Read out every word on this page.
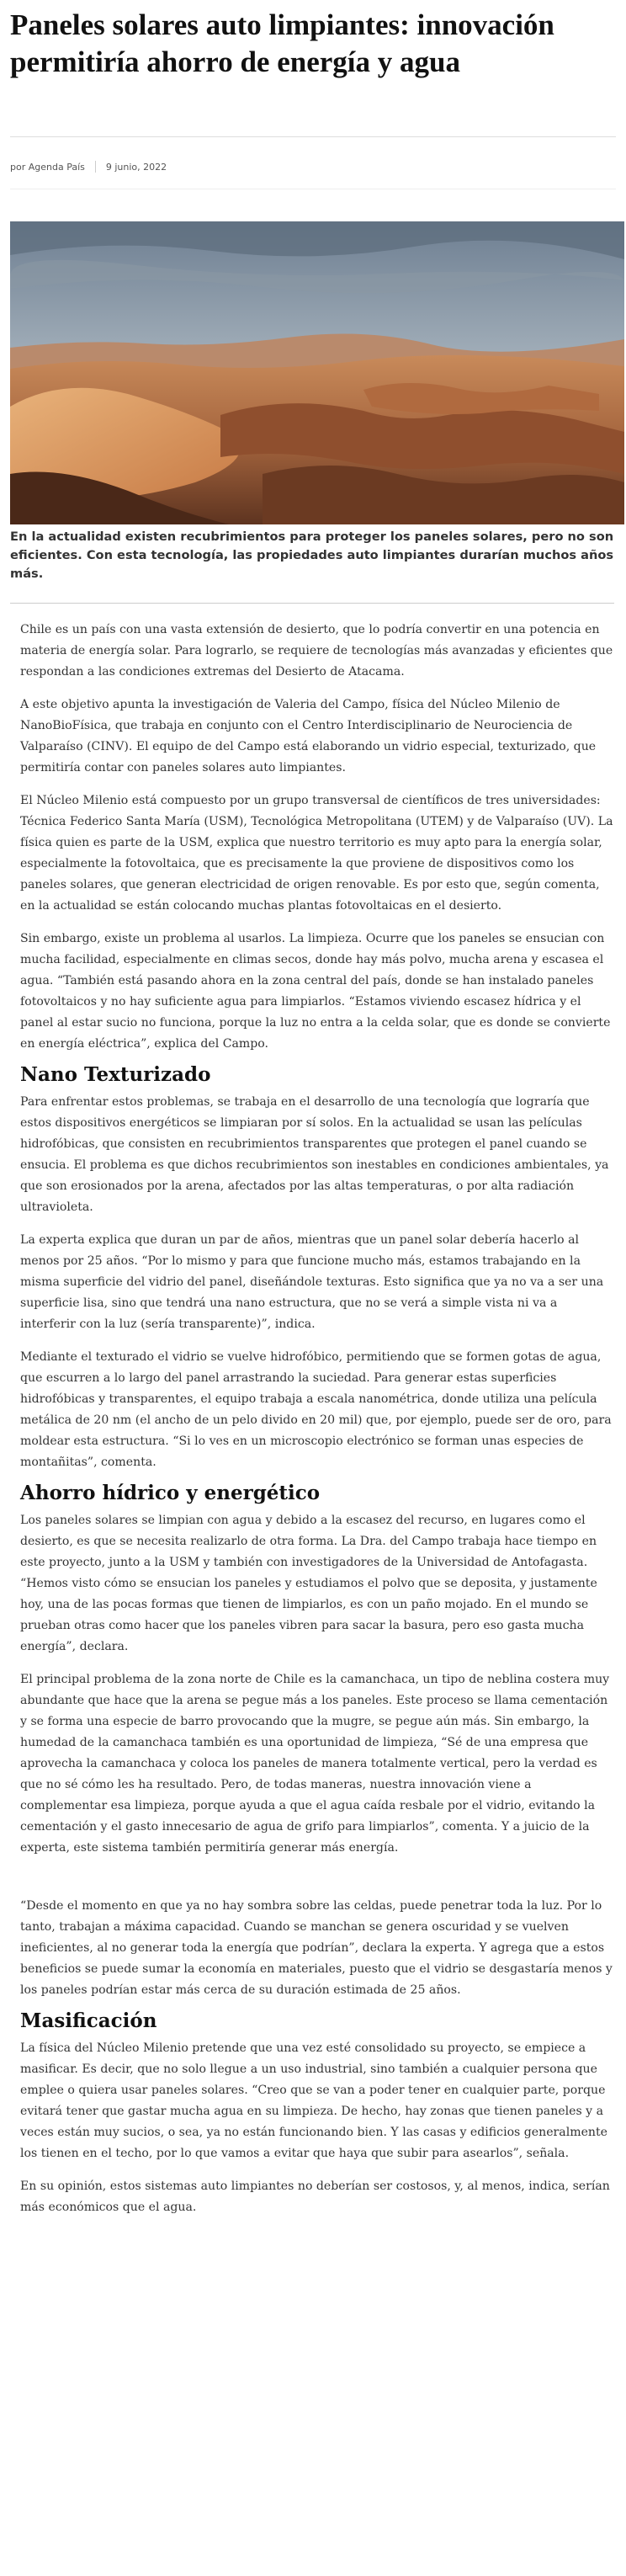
Paneles solares auto limpiantes: innovación permitiría ahorro de energía y agua
por Agenda País 9 junio, 2022
En la actualidad existen recubrimientos para proteger los paneles solares, pero no son eficientes. Con esta tecnología, las propiedades auto limpiantes durarían muchos años más.

Chile es un país con una vasta extensión de desierto, que lo podría convertir en una potencia en materia de energía solar. Para lograrlo, se requiere de tecnologías más avanzadas y eficientes que respondan a las condiciones extremas del Desierto de Atacama.

A este objetivo apunta la investigación de Valeria del Campo, física del Núcleo Milenio de NanoBioFísica, que trabaja en conjunto con el Centro Interdisciplinario de Neurociencia de Valparaíso (CINV). El equipo de del Campo está elaborando un vidrio especial, texturizado, que permitiría contar con paneles solares auto limpiantes.

El Núcleo Milenio está compuesto por un grupo transversal de científicos de tres universidades: Técnica Federico Santa María (USM), Tecnológica Metropolitana (UTEM) y de Valparaíso (UV). La física quien es parte de la USM, explica que nuestro territorio es muy apto para la energía solar, especialmente la fotovoltaica, que es precisamente la que proviene de dispositivos como los paneles solares, que generan electricidad de origen renovable. Es por esto que, según comenta, en la actualidad se están colocando muchas plantas fotovoltaicas en el desierto.

Sin embargo, existe un problema al usarlos. La limpieza. Ocurre que los paneles se ensucian con mucha facilidad, especialmente en climas secos, donde hay más polvo, mucha arena y escasea el agua. “También está pasando ahora en la zona central del país, donde se han instalado paneles fotovoltaicos y no hay suficiente agua para limpiarlos. “Estamos viviendo escasez hídrica y el panel al estar sucio no funciona, porque la luz no entra a la celda solar, que es donde se convierte en energía eléctrica”, explica del Campo.

Nano Texturizado

Para enfrentar estos problemas, se trabaja en el desarrollo de una tecnología que lograría que estos dispositivos energéticos se limpiaran por sí solos. En la actualidad se usan las películas hidrofóbicas, que consisten en recubrimientos transparentes que protegen el panel cuando se ensucia. El problema es que dichos recubrimientos son inestables en condiciones ambientales, ya que son erosionados por la arena, afectados por las altas temperaturas, o por alta radiación ultravioleta.

La experta explica que duran un par de años, mientras que un panel solar debería hacerlo al menos por 25 años. “Por lo mismo y para que funcione mucho más, estamos trabajando en la misma superficie del vidrio del panel, diseñándole texturas. Esto significa que ya no va a ser una superficie lisa, sino que tendrá una nano estructura, que no se verá a simple vista ni va a interferir con la luz (sería transparente)”, indica.

Mediante el texturado el vidrio se vuelve hidrofóbico, permitiendo que se formen gotas de agua, que escurren a lo largo del panel arrastrando la suciedad. Para generar estas superficies hidrofóbicas y transparentes, el equipo trabaja a escala nanométrica, donde utiliza una película metálica de 20 nm (el ancho de un pelo divido en 20 mil) que, por ejemplo, puede ser de oro, para moldear esta estructura. “Si lo ves en un microscopio electrónico se forman unas especies de montañitas”, comenta.

Ahorro hídrico y energético

Los paneles solares se limpian con agua y debido a la escasez del recurso, en lugares como el desierto, es que se necesita realizarlo de otra forma. La Dra. del Campo trabaja hace tiempo en este proyecto, junto a la USM y también con investigadores de la Universidad de Antofagasta. “Hemos visto cómo se ensucian los paneles y estudiamos el polvo que se deposita, y justamente hoy, una de las pocas formas que tienen de limpiarlos, es con un paño mojado. En el mundo se prueban otras como hacer que los paneles vibren para sacar la basura, pero eso gasta mucha energía”, declara.

El principal problema de la zona norte de Chile es la camanchaca, un tipo de neblina costera muy abundante que hace que la arena se pegue más a los paneles. Este proceso se llama cementación y se forma una especie de barro provocando que la mugre, se pegue aún más. Sin embargo, la humedad de la camanchaca también es una oportunidad de limpieza, “Sé de una empresa que aprovecha la camanchaca y coloca los paneles de manera totalmente vertical, pero la verdad es que no sé cómo les ha resultado. Pero, de todas maneras, nuestra innovación viene a complementar esa limpieza, porque ayuda a que el agua caída resbale por el vidrio, evitando la cementación y el gasto innecesario de agua de grifo para limpiarlos”, comenta. Y a juicio de la experta, este sistema también permitiría generar más energía.

“Desde el momento en que ya no hay sombra sobre las celdas, puede penetrar toda la luz. Por lo tanto, trabajan a máxima capacidad. Cuando se manchan se genera oscuridad y se vuelven ineficientes, al no generar toda la energía que podrían”, declara la experta. Y agrega que a estos beneficios se puede sumar la economía en materiales, puesto que el vidrio se desgastaría menos y los paneles podrían estar más cerca de su duración estimada de 25 años.

Masificación

La física del Núcleo Milenio pretende que una vez esté consolidado su proyecto, se empiece a masificar. Es decir, que no solo llegue a un uso industrial, sino también a cualquier persona que emplee o quiera usar paneles solares. “Creo que se van a poder tener en cualquier parte, porque evitará tener que gastar mucha agua en su limpieza. De hecho, hay zonas que tienen paneles y a veces están muy sucios, o sea, ya no están funcionando bien. Y las casas y edificios generalmente los tienen en el techo, por lo que vamos a evitar que haya que subir para asearlos”, señala.

En su opinión, estos sistemas auto limpiantes no deberían ser costosos, y, al menos, indica, serían más económicos que el agua.
